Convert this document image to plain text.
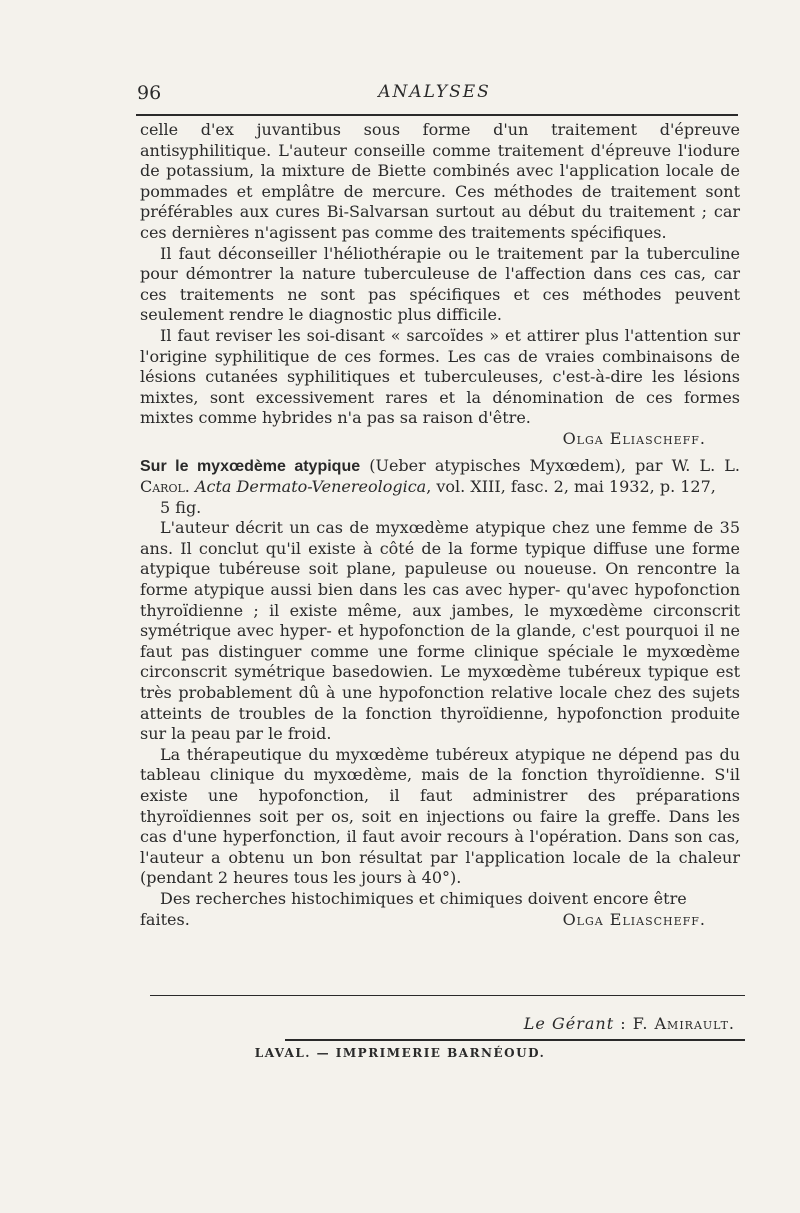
96	ANALYSES

celle d'ex juvantibus sous forme d'un traitement d'épreuve antisyphilitique. L'auteur conseille comme traitement d'épreuve l'iodure de potassium, la mixture de Biette combinés avec l'application locale de pommades et emplâtre de mercure. Ces méthodes de traitement sont préférables aux cures Bi-Salvarsan surtout au début du traitement ; car ces dernières n'agissent pas comme des traitements spécifiques.

Il faut déconseiller l'héliothérapie ou le traitement par la tuberculine pour démontrer la nature tuberculeuse de l'affection dans ces cas, car ces traitements ne sont pas spécifiques et ces méthodes peuvent seulement rendre le diagnostic plus difficile.

Il faut reviser les soi-disant « sarcoïdes » et attirer plus l'attention sur l'origine syphilitique de ces formes. Les cas de vraies combinaisons de lésions cutanées syphilitiques et tuberculeuses, c'est-à-dire les lésions mixtes, sont excessivement rares et la dénomination de ces formes mixtes comme hybrides n'a pas sa raison d'être.

Olga Eliascheff.

Sur le myxœdème atypique (Ueber atypisches Myxœdem), par W. L. L. Carol. Acta Dermato-Venereologica, vol. XIII, fasc. 2, mai 1932, p. 127,

5 fig.

L'auteur décrit un cas de myxœdème atypique chez une femme de 35 ans. Il conclut qu'il existe à côté de la forme typique diffuse une forme atypique tubéreuse soit plane, papuleuse ou noueuse. On rencontre la forme atypique aussi bien dans les cas avec hyper- qu'avec hypofonction thyroïdienne ; il existe même, aux jambes, le myxœdème circonscrit symétrique avec hyper- et hypofonction de la glande, c'est pourquoi il ne faut pas distinguer comme une forme clinique spéciale le myxœdème circonscrit symétrique basedowien. Le myxœdème tubéreux typique est très probablement dû à une hypofonction relative locale chez des sujets atteints de troubles de la fonction thyroïdienne, hypofonction produite sur la peau par le froid.

La thérapeutique du myxœdème tubéreux atypique ne dépend pas du tableau clinique du myxœdème, mais de la fonction thyroïdienne. S'il existe une hypofonction, il faut administrer des préparations thyroïdiennes soit per os, soit en injections ou faire la greffe. Dans les cas d'une hyperfonction, il faut avoir recours à l'opération. Dans son cas, l'auteur a obtenu un bon résultat par l'application locale de la chaleur (pendant 2 heures tous les jours à 40°).

Des recherches histochimiques et chimiques doivent encore être

faites.	Olga Eliascheff.
Le Gérant : F. Amirault.
LAVAL. — IMPRIMERIE BARNÉOUD.
